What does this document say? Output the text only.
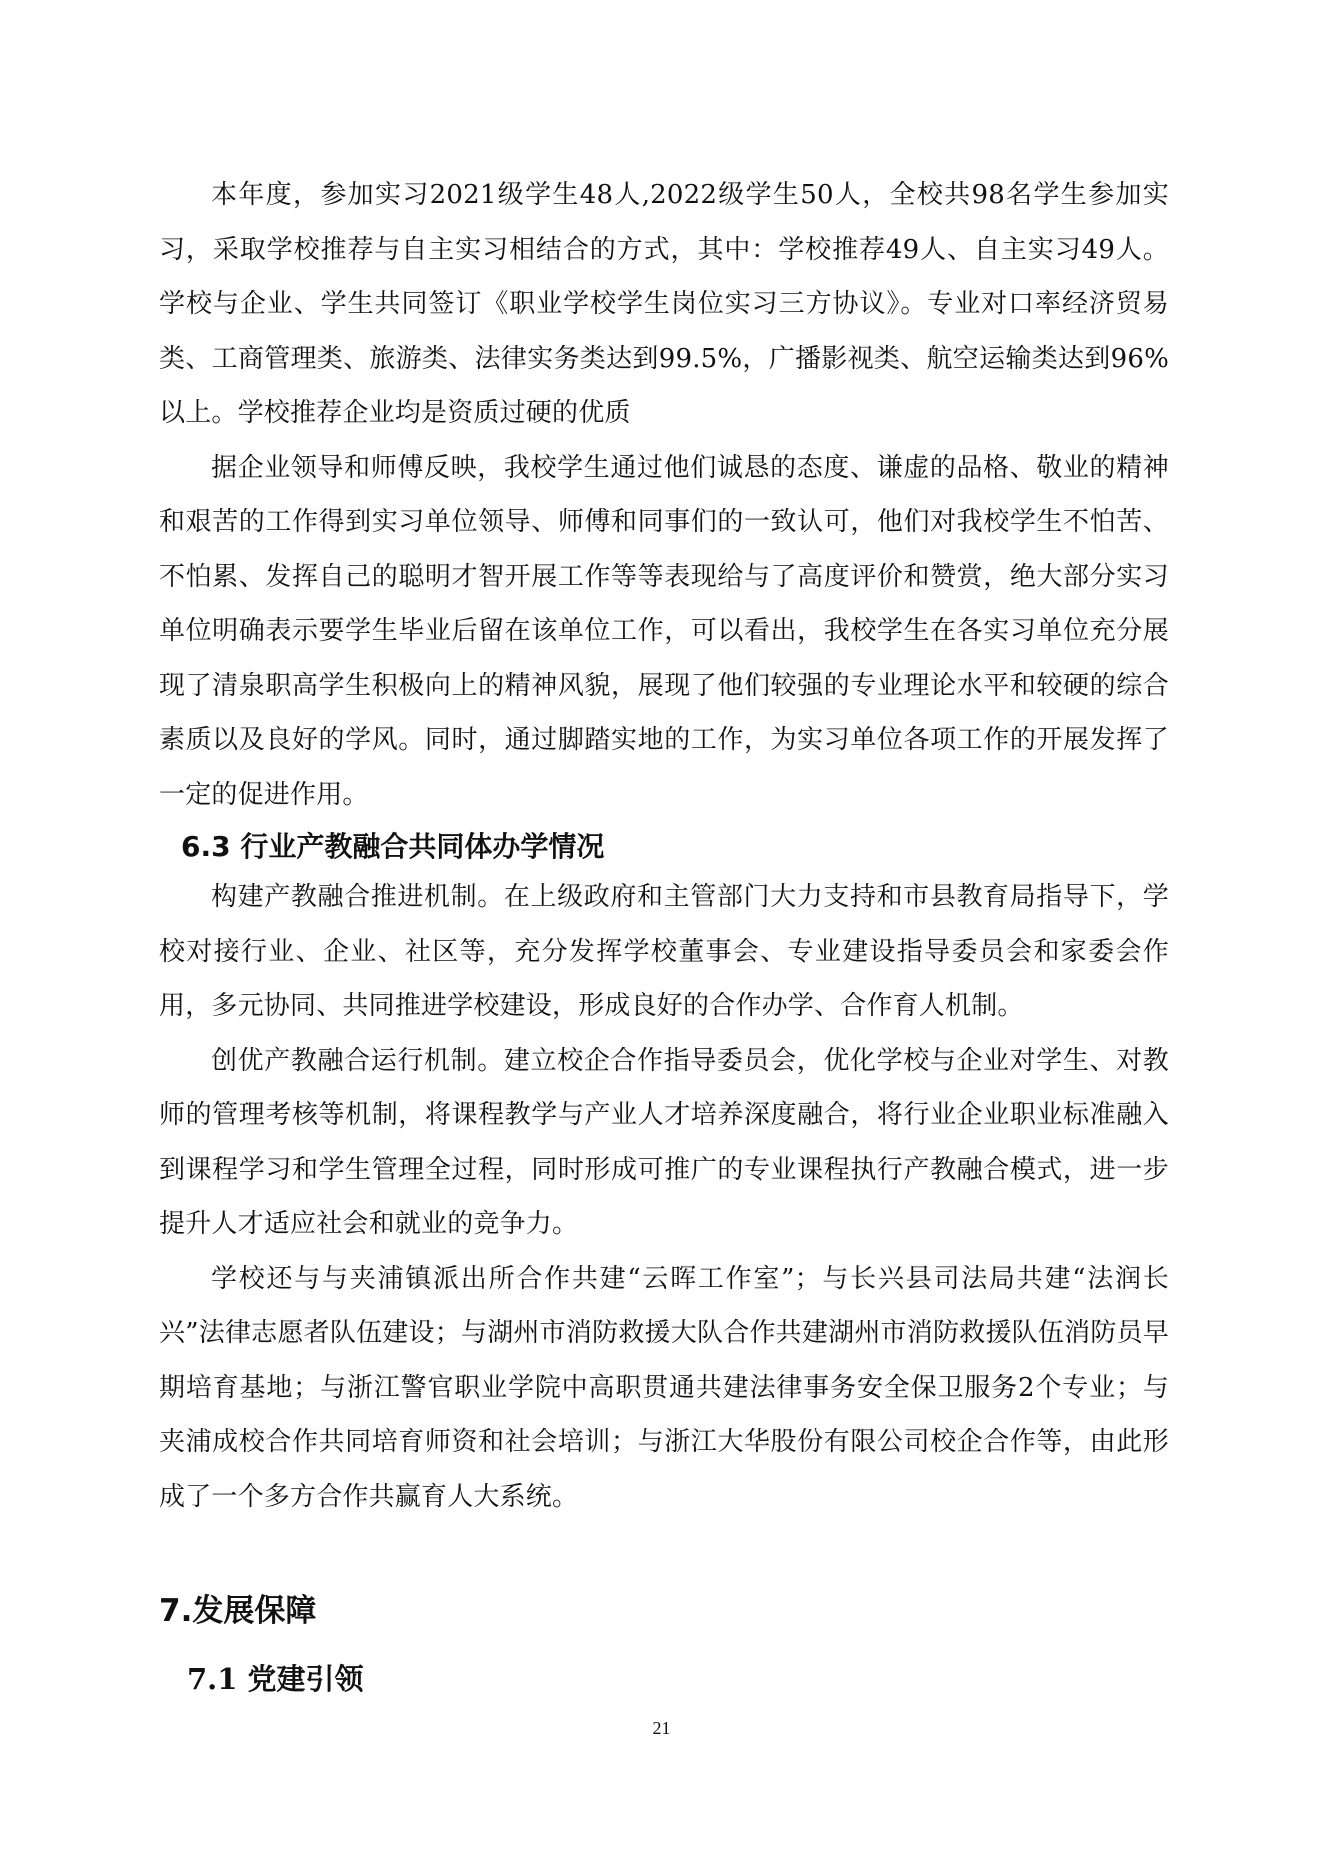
本年度，参加实习2021级学生48人,2022级学生50人，全校共98名学生参加实习，采取学校推荐与自主实习相结合的方式，其中：学校推荐49人、自主实习49人。学校与企业、学生共同签订《职业学校学生岗位实习三方协议》。专业对口率经济贸易类、工商管理类、旅游类、法律实务类达到99.5%，广播影视类、航空运输类达到96%以上。学校推荐企业均是资质过硬的优质

据企业领导和师傅反映，我校学生通过他们诚恳的态度、谦虚的品格、敬业的精神和艰苦的工作得到实习单位领导、师傅和同事们的一致认可，他们对我校学生不怕苦、不怕累、发挥自己的聪明才智开展工作等等表现给与了高度评价和赞赏，绝大部分实习单位明确表示要学生毕业后留在该单位工作，可以看出，我校学生在各实习单位充分展现了清泉职高学生积极向上的精神风貌，展现了他们较强的专业理论水平和较硬的综合素质以及良好的学风。同时，通过脚踏实地的工作，为实习单位各项工作的开展发挥了一定的促进作用。

6.3 行业产教融合共同体办学情况

构建产教融合推进机制。在上级政府和主管部门大力支持和市县教育局指导下，学校对接行业、企业、社区等，充分发挥学校董事会、专业建设指导委员会和家委会作用，多元协同、共同推进学校建设，形成良好的合作办学、合作育人机制。

创优产教融合运行机制。建立校企合作指导委员会，优化学校与企业对学生、对教师的管理考核等机制，将课程教学与产业人才培养深度融合，将行业企业职业标准融入到课程学习和学生管理全过程，同时形成可推广的专业课程执行产教融合模式，进一步提升人才适应社会和就业的竞争力。

学校还与与夹浦镇派出所合作共建“云晖工作室”；与长兴县司法局共建“法润长兴”法律志愿者队伍建设；与湖州市消防救援大队合作共建湖州市消防救援队伍消防员早期培育基地；与浙江警官职业学院中高职贯通共建法律事务安全保卫服务2个专业；与夹浦成校合作共同培育师资和社会培训；与浙江大华股份有限公司校企合作等，由此形成了一个多方合作共赢育人大系统。

7.发展保障
7.1 党建引领
21
